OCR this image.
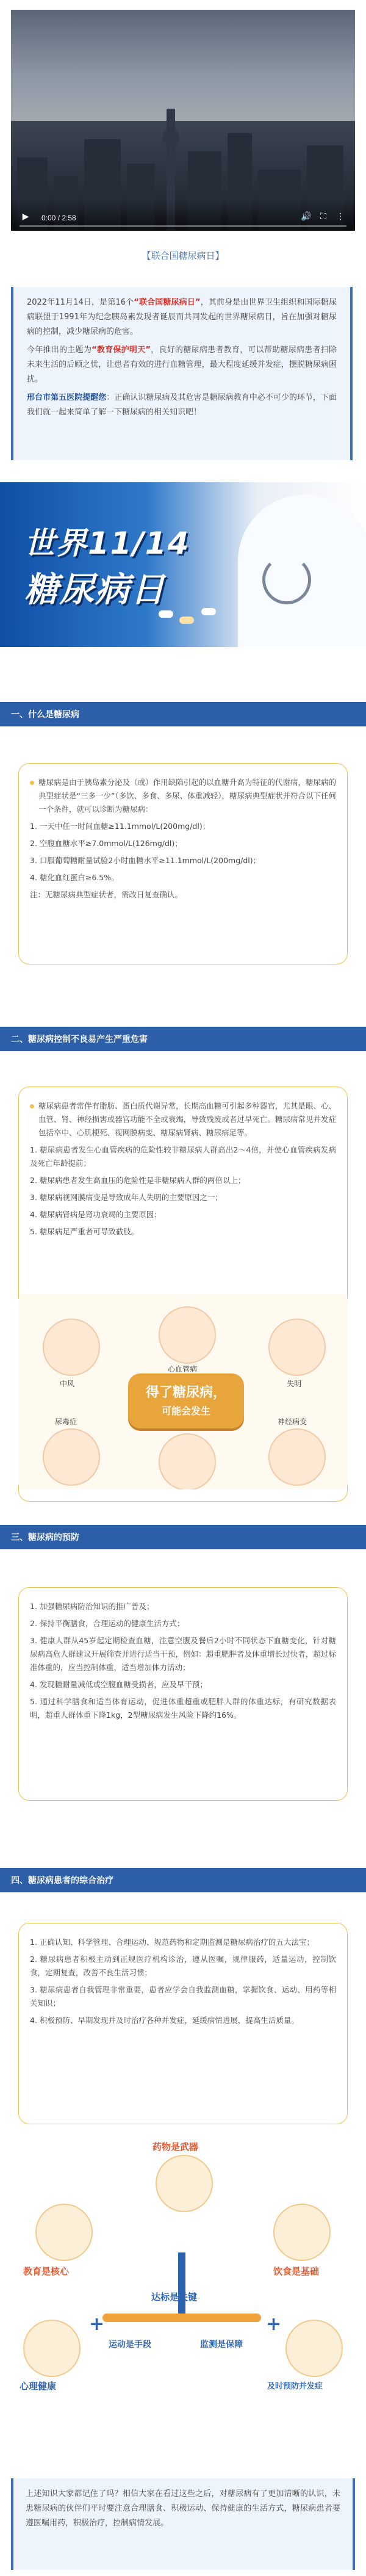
▶	0:00 / 2:58	🔊	⛶	⋮
【联合国糖尿病日】

2022年11月14日，是第16个“联合国糖尿病日”，其前身是由世界卫生组织和国际糖尿病联盟于1991年为纪念胰岛素发现者诞辰而共同发起的世界糖尿病日，旨在加强对糖尿病的控制，减少糖尿病的危害。

今年推出的主题为“教育保护明天”，良好的糖尿病患者教育，可以帮助糖尿病患者扫除未来生活的后顾之忧，让患者有效的进行血糖管理，最大程度延缓并发症，摆脱糖尿病困扰。

邢台市第五医院提醒您：正确认识糖尿病及其危害是糖尿病教育中必不可少的环节，下面我们就一起来简单了解一下糖尿病的相关知识吧！

世界11/14
糖尿病日
一、什么是糖尿病

糖尿病是由于胰岛素分泌及（或）作用缺陷引起的以血糖升高为特征的代谢病，糖尿病的典型症状是“三多一少”（多饮、多食、多尿、体重减轻），糖尿病典型症状并符合以下任何一个条件，就可以诊断为糖尿病：

1. 一天中任一时间血糖≥11.1mmol/L(200mg/dl)；

2. 空腹血糖水平≥7.0mmol/L(126mg/dl)；

3. 口服葡萄糖耐量试验2小时血糖水平≥11.1mmol/L(200mg/dl)；

4. 糖化血红蛋白≥6.5%。

注：无糖尿病典型症状者，需改日复查确认。

二、糖尿病控制不良易产生严重危害

糖尿病患者常伴有脂肪、蛋白质代谢异常，长期高血糖可引起多种器官，尤其是眼、心、血管、肾、神经损害或器官功能不全或衰竭，导致残废或者过早死亡。糖尿病常见并发症包括卒中、心肌梗死、视网膜病变、糖尿病肾病、糖尿病足等。

1. 糖尿病患者发生心血管疾病的危险性较非糖尿病人群高出2～4倍，并使心血管疾病发病及死亡年龄提前；

2. 糖尿病患者发生高血压的危险性是非糖尿病人群的两倍以上；

3. 糖尿病视网膜病变是导致成年人失明的主要原因之一；

4. 糖尿病肾病是肾功衰竭的主要原因；

5. 糖尿病足严重者可导致截肢。

中风
心血管病
失明
尿毒症	神经病变
得了糖尿病，
可能会发生
三、糖尿病的预防

1. 加强糖尿病防治知识的推广普及；

2. 保持平衡膳食，合理运动的健康生活方式；

3. 健康人群从45岁起定期检查血糖，注意空腹及餐后2小时不同状态下血糖变化，针对糖尿病高危人群建议开展筛查并进行适当干预，例如：超重肥胖者及体重增长过快者，超过标准体重的，应当控制体重，适当增加体力活动；

4. 发现糖耐量减低或空腹血糖受损者，应及早干预；

5. 通过科学膳食和适当体育运动，促进体重超重或肥胖人群的体重达标，有研究数据表明，超重人群体重下降1kg，2型糖尿病发生风险下降约16%。

四、糖尿病患者的综合治疗

1. 正确认知、科学管理、合理运动、规范药物和定期监测是糖尿病治疗的五大法宝；

2. 糖尿病患者积极主动到正规医疗机构诊治，遵从医嘱，规律服药，适量运动，控制饮食，定期复查，改善不良生活习惯；

3. 糖尿病患者自我管理非常重要，患者应学会自我监测血糖，掌握饮食、运动、用药等相关知识；

4. 积极预防、早期发现并及时治疗各种并发症，延缓病情进展，提高生活质量。

+	+
药物是武器
教育是核心	饮食是基础
达标是关键
心理健康	及时预防并发症
运动是手段	监测是保障

上述知识大家都记住了吗？相信大家在看过这些之后，对糖尿病有了更加清晰的认识，未患糖尿病的伙伴们平时要注意合理膳食、积极运动、保持健康的生活方式，糖尿病患者要遵医嘱用药，积极治疗，控制病情发展。
